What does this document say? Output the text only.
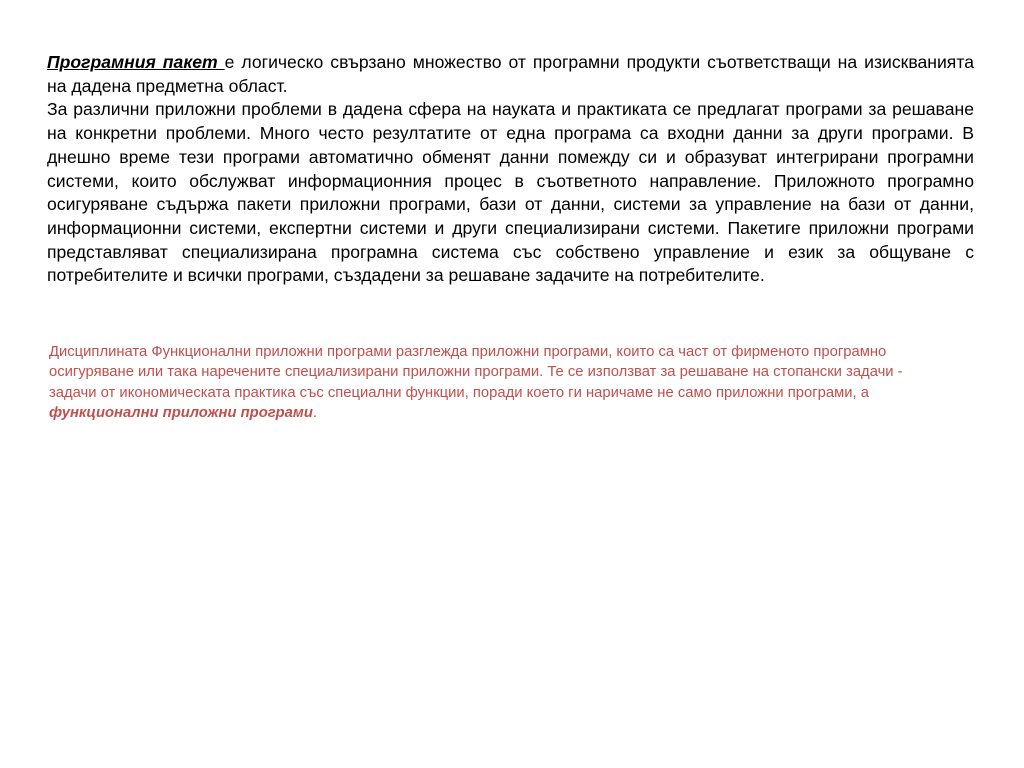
Програмния пакет е логическо свързано множество от програмни продукти съответстващи на изискванията на дадена предметна област.

За различни приложни проблеми в дадена сфера на науката и практиката се предлагат програми за решаване на конкретни проблеми. Много често резултатите от една програма са входни данни за други програми. В днешно време тези програми автоматично обменят данни помежду си и образуват интегрирани програмни системи, които обслужват информационния процес в съответното направление. Приложното програмно осигуряване съдържа пакети приложни програми, бази от данни, системи за управление на бази от данни, информационни системи, експертни системи и други специализирани системи. Пакетиге приложни програми представляват специализирана програмна система със собствено управление и език за общуване с потребителите и всички програми, създадени за решаване задачите на потребителите.

Дисциплината Функционални приложни програми разглежда приложни програми, които са част от фирменото програмно осигуряване или така наречените специализирани приложни програми. Те се използват за решаване на стопански задачи - задачи от икономическата практика със специални функции, поради което ги наричаме не само приложни програми, а функционални приложни програми.
